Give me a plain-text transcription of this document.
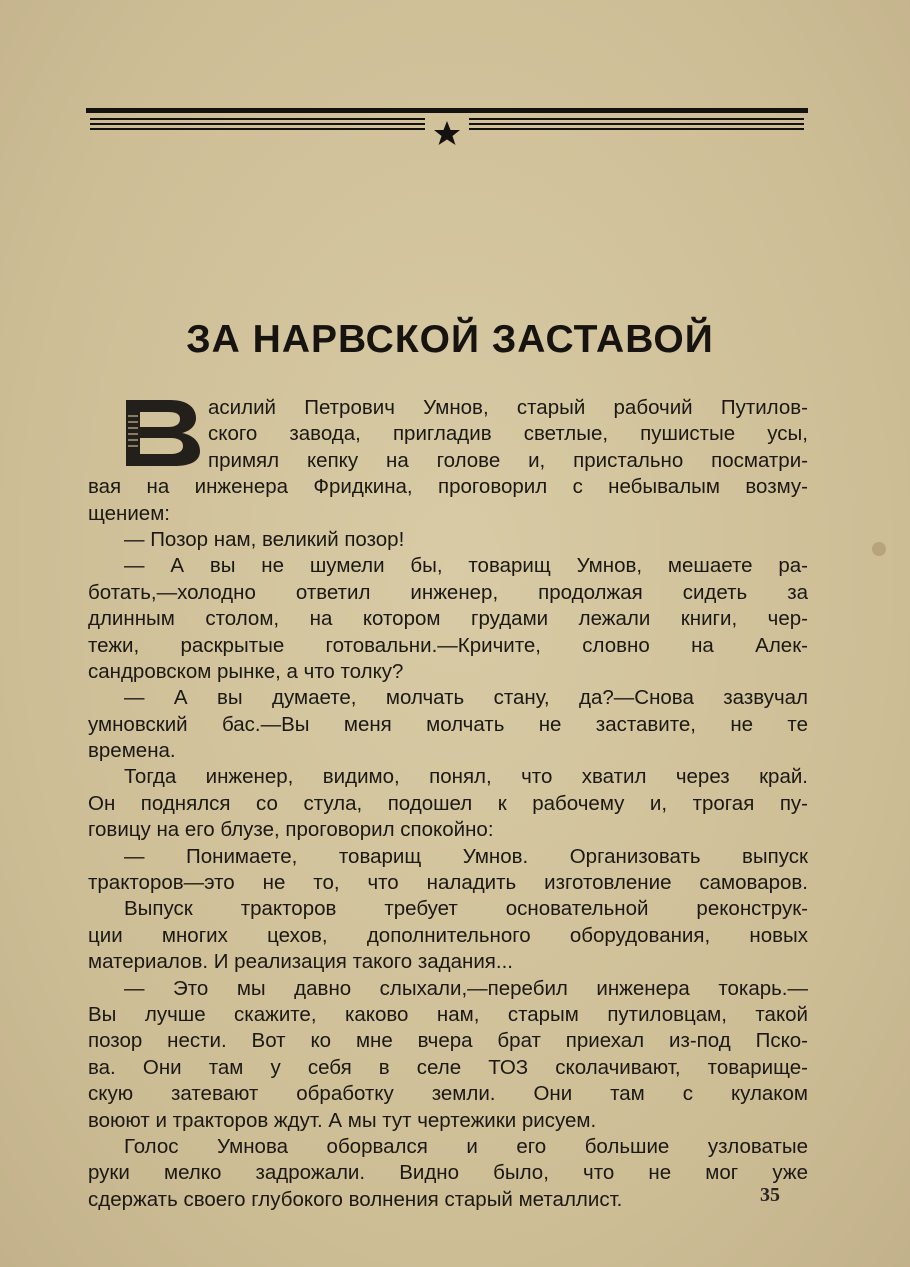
ЗА НАРВСКОЙ ЗАСТАВОЙ
В
асилий Петрович Умнов, старый рабочий Путилов-
ского завода, пригладив светлые, пушистые усы,
примял кепку на голове и, пристально посматри-
вая на инженера Фридкина, проговорил с небывалым возму-
щением:
— Позор нам, великий позор!
— А вы не шумели бы, товарищ Умнов, мешаете ра-
ботать,—холодно ответил инженер, продолжая сидеть за
длинным столом, на котором грудами лежали книги, чер-
тежи, раскрытые готовальни.—Кричите, словно на Алек-
сандровском рынке, а что толку?
— А вы думаете, молчать стану, да?—Снова зазвучал
умновский бас.—Вы меня молчать не заставите, не те
времена.
Тогда инженер, видимо, понял, что хватил через край.
Он поднялся со стула, подошел к рабочему и, трогая пу-
говицу на его блузе, проговорил спокойно:
— Понимаете, товарищ Умнов. Организовать выпуск
тракторов—это не то, что наладить изготовление самоваров.
Выпуск тракторов требует основательной реконструк-
ции многих цехов, дополнительного оборудования, новых
материалов. И реализация такого задания...
— Это мы давно слыхали,—перебил инженера токарь.—
Вы лучше скажите, каково нам, старым путиловцам, такой
позор нести. Вот ко мне вчера брат приехал из-под Пско-
ва. Они там у себя в селе ТОЗ сколачивают, товарище-
скую затевают обработку земли. Они там с кулаком
воюют и тракторов ждут. А мы тут чертежики рисуем.
Голос Умнова оборвался и его большие узловатые
руки мелко задрожали. Видно было, что не мог уже
сдержать своего глубокого волнения старый металлист.	35
